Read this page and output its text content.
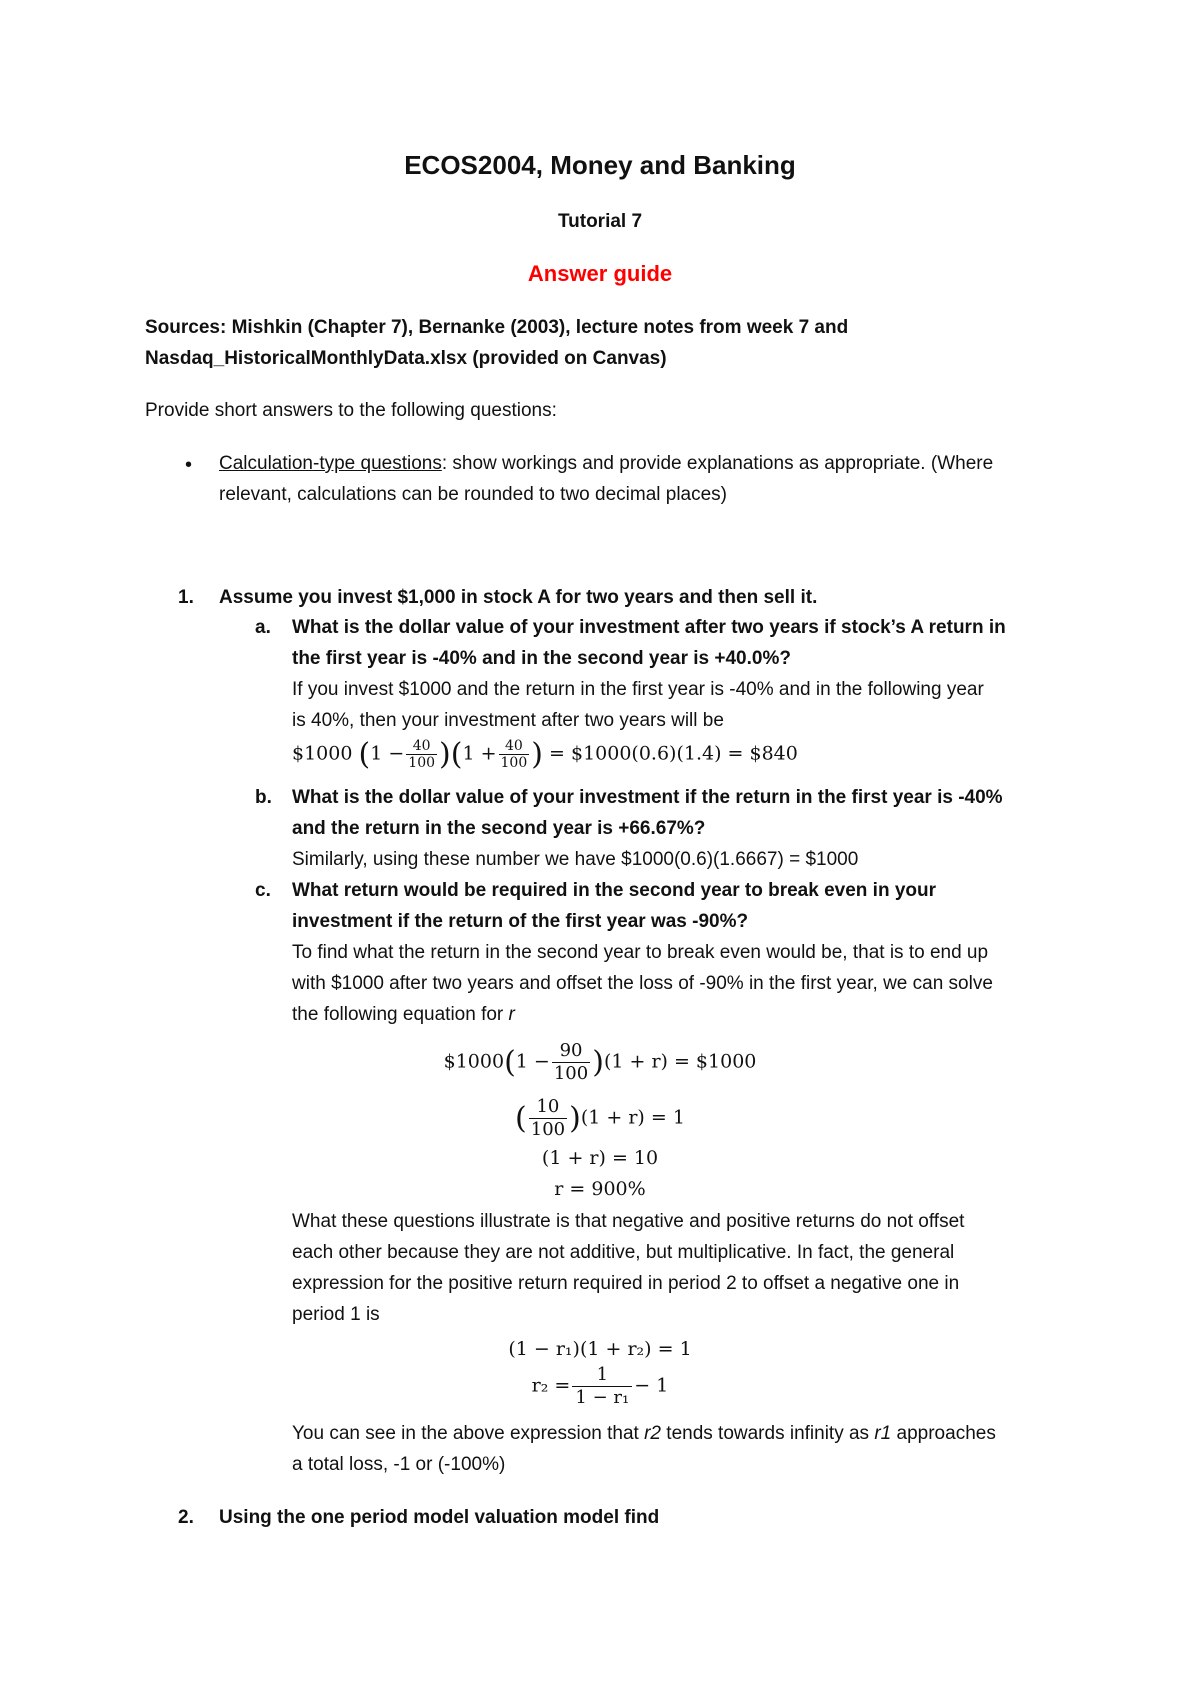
ECOS2004, Money and Banking
Tutorial 7
Answer guide
Sources: Mishkin (Chapter 7), Bernanke (2003), lecture notes from week 7 and
Nasdaq_HistoricalMonthlyData.xlsx (provided on Canvas)
Provide short answers to the following questions:
• Calculation-type questions: show workings and provide explanations as appropriate. (Where
relevant, calculations can be rounded to two decimal places)
1. Assume you invest $1,000 in stock A for two years and then sell it.
a. What is the dollar value of your investment after two years if stock’s A return in
the first year is -40% and in the second year is +40.0%?
If you invest $1000 and the return in the first year is -40% and in the following year
is 40%, then your investment after two years will be
$1000 $(1 - \frac{40}{100} )(1 + \frac{40}{100}$ ) = $1000(0.6)(1.4) = $840
b. What is the dollar value of your investment if the return in the first year is -40%
and the return in the second year is +66.67%?
Similarly, using these number we have $1000(0.6)(1.6667) = $1000
c. What return would be required in the second year to break even in your
investment if the return of the first year was -90%?
To find what the return in the second year to break even would be, that is to end up
with $1000 after two years and offset the loss of -90% in the first year, we can solve
the following equation for r
$1000(1 − $\frac{90}{100} )(1 + r)$ = $1000
( $\frac{10}{100} )(1 + r) = 1$
(1 + r) = 10
r = 900%
What these questions illustrate is that negative and positive returns do not offset
each other because they are not additive, but multiplicative. In fact, the general
expression for the positive return required in period 2 to offset a negative one in
period 1 is
(1 − r₁)(1 + r₂) = 1
$r_2 = \frac{1}{\text{1 − r₁}} - 1$
You can see in the above expression that r2 tends towards infinity as r1 approaches
a total loss, -1 or (-100%)
2. Using the one period model valuation model find
